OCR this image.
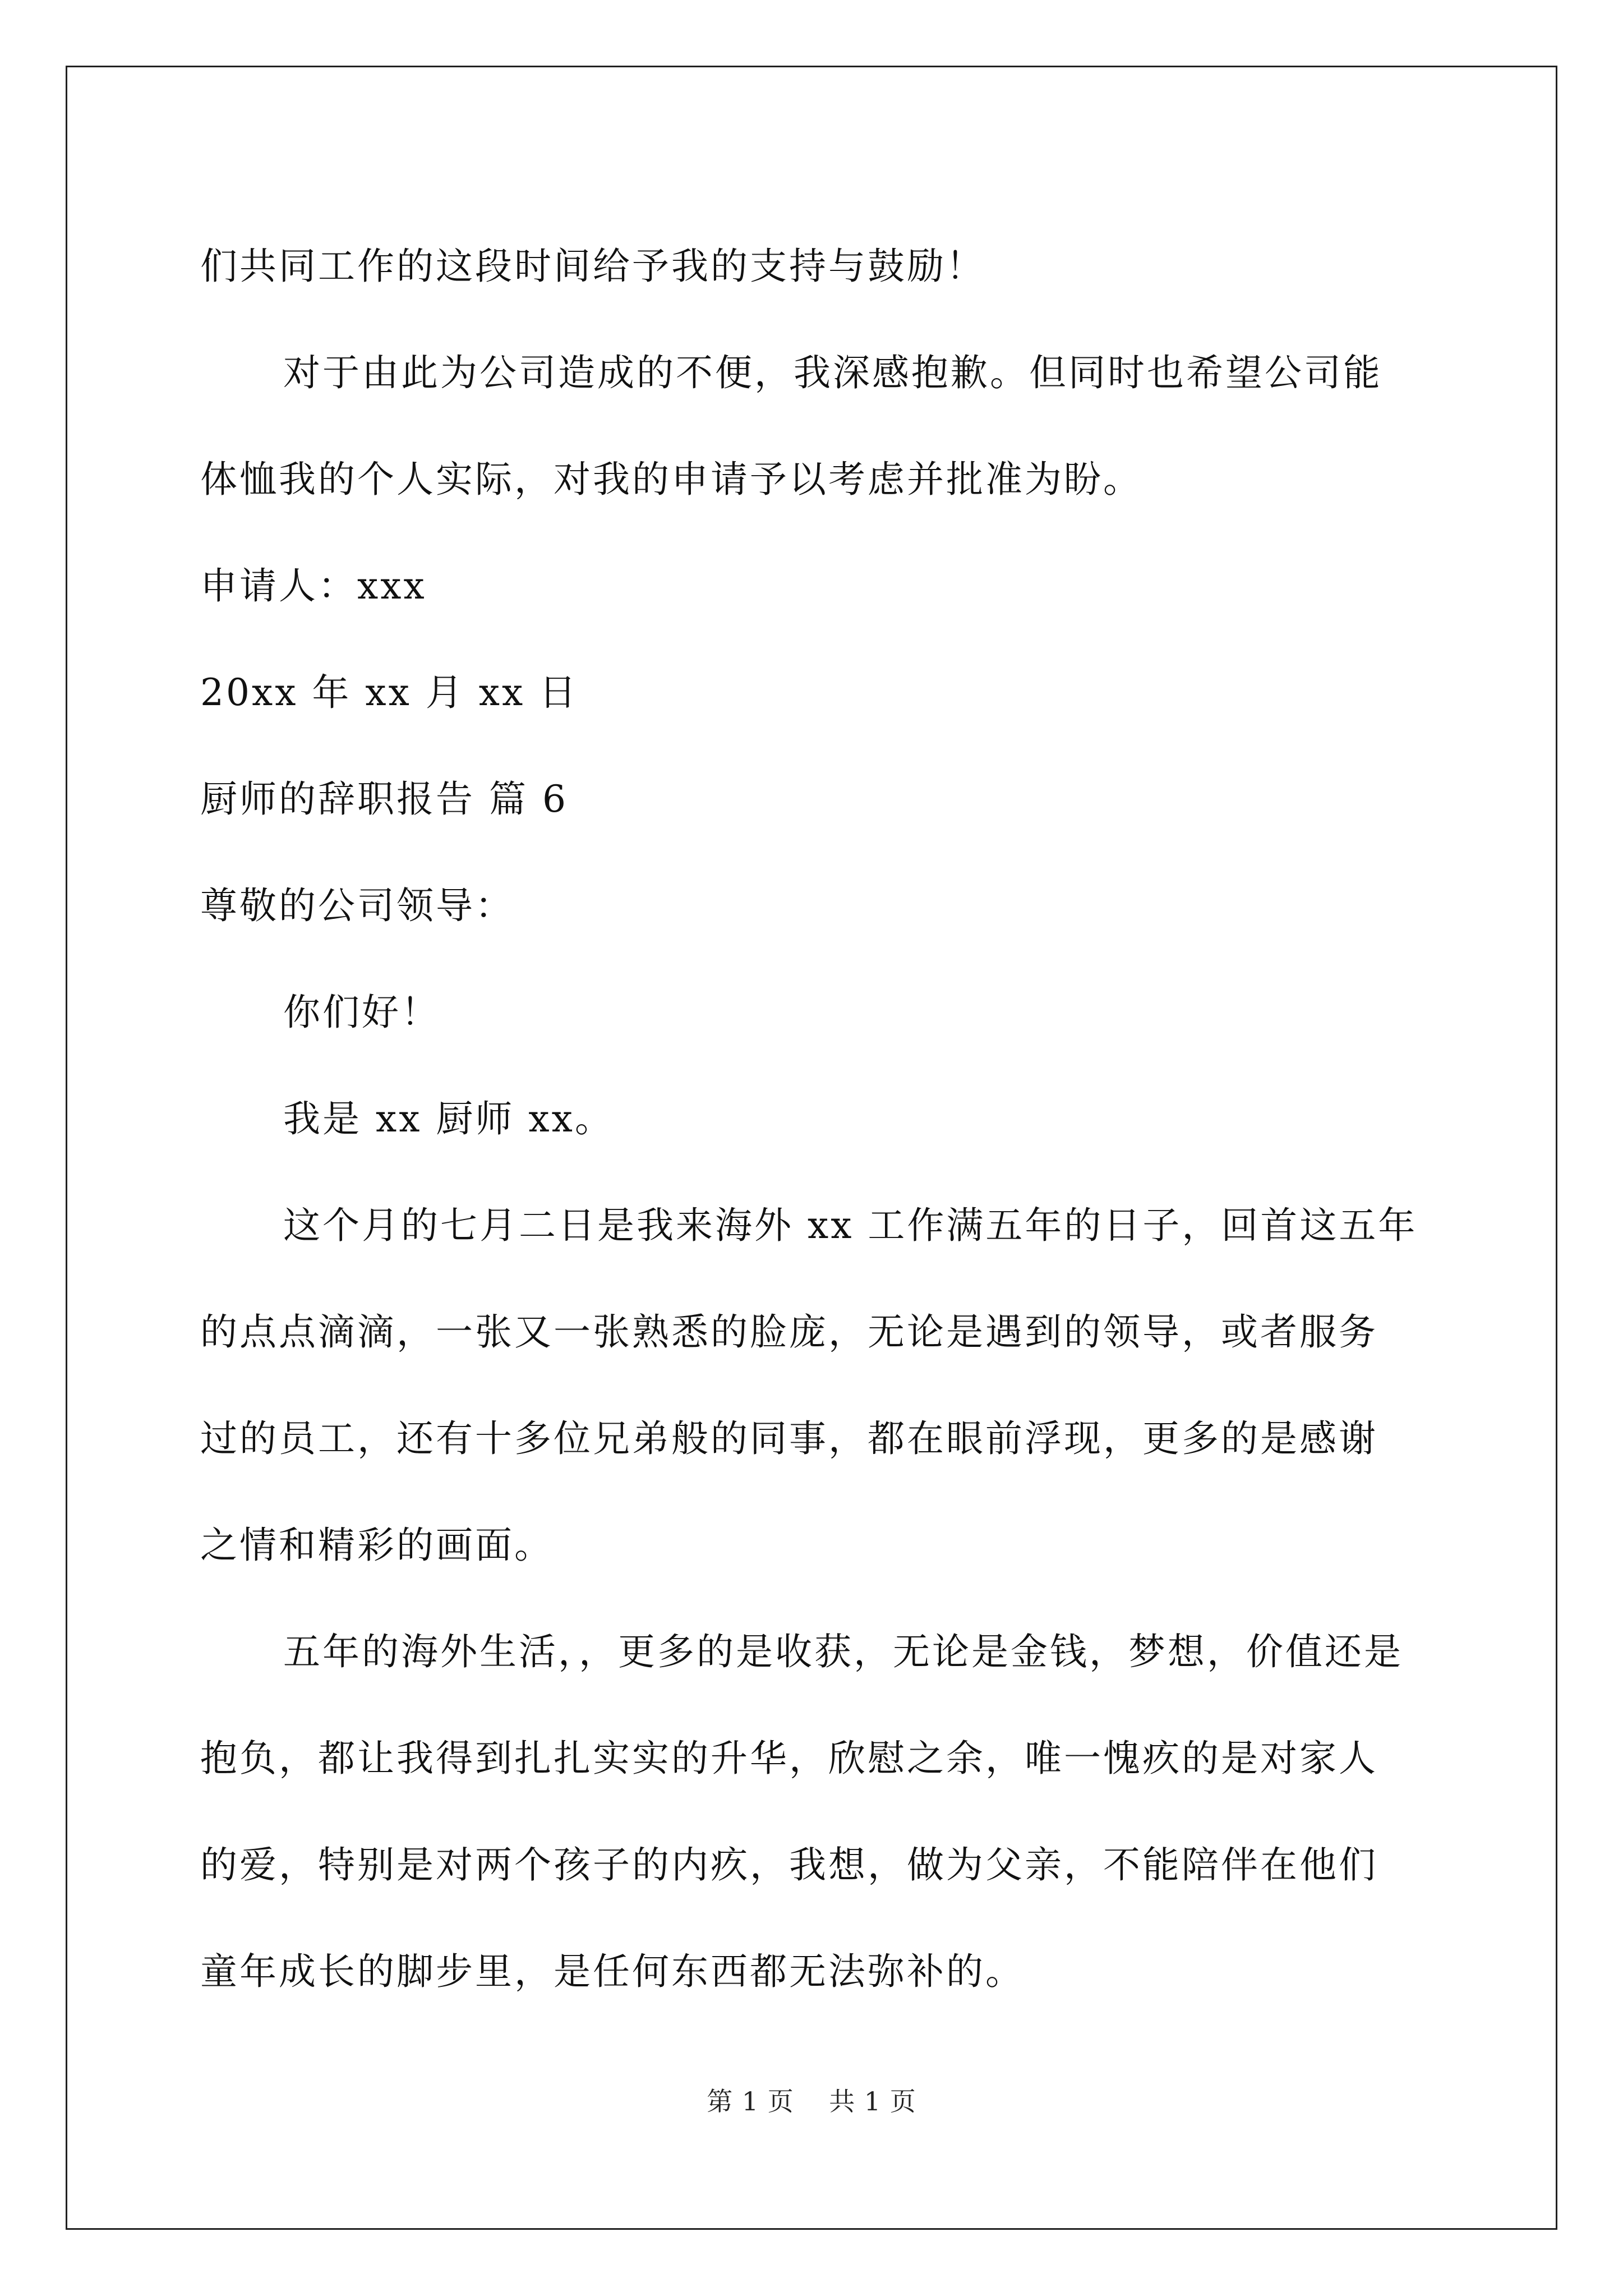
们共同工作的这段时间给予我的支持与鼓励！
对于由此为公司造成的不便，我深感抱歉。但同时也希望公司能
体恤我的个人实际，对我的申请予以考虑并批准为盼。
申请人：xxx
20xx 年 xx 月 xx 日
厨师的辞职报告 篇 6
尊敬的公司领导：
你们好！
我是 xx 厨师 xx。
这个月的七月二日是我来海外 xx 工作满五年的日子，回首这五年
的点点滴滴，一张又一张熟悉的脸庞，无论是遇到的领导，或者服务
过的员工，还有十多位兄弟般的同事，都在眼前浮现，更多的是感谢
之情和精彩的画面。
五年的海外生活，，更多的是收获，无论是金钱，梦想，价值还是
抱负，都让我得到扎扎实实的升华，欣慰之余，唯一愧疚的是对家人
的爱，特别是对两个孩子的内疚，我想，做为父亲，不能陪伴在他们
童年成长的脚步里，是任何东西都无法弥补的。
第 1 页 共 1 页
